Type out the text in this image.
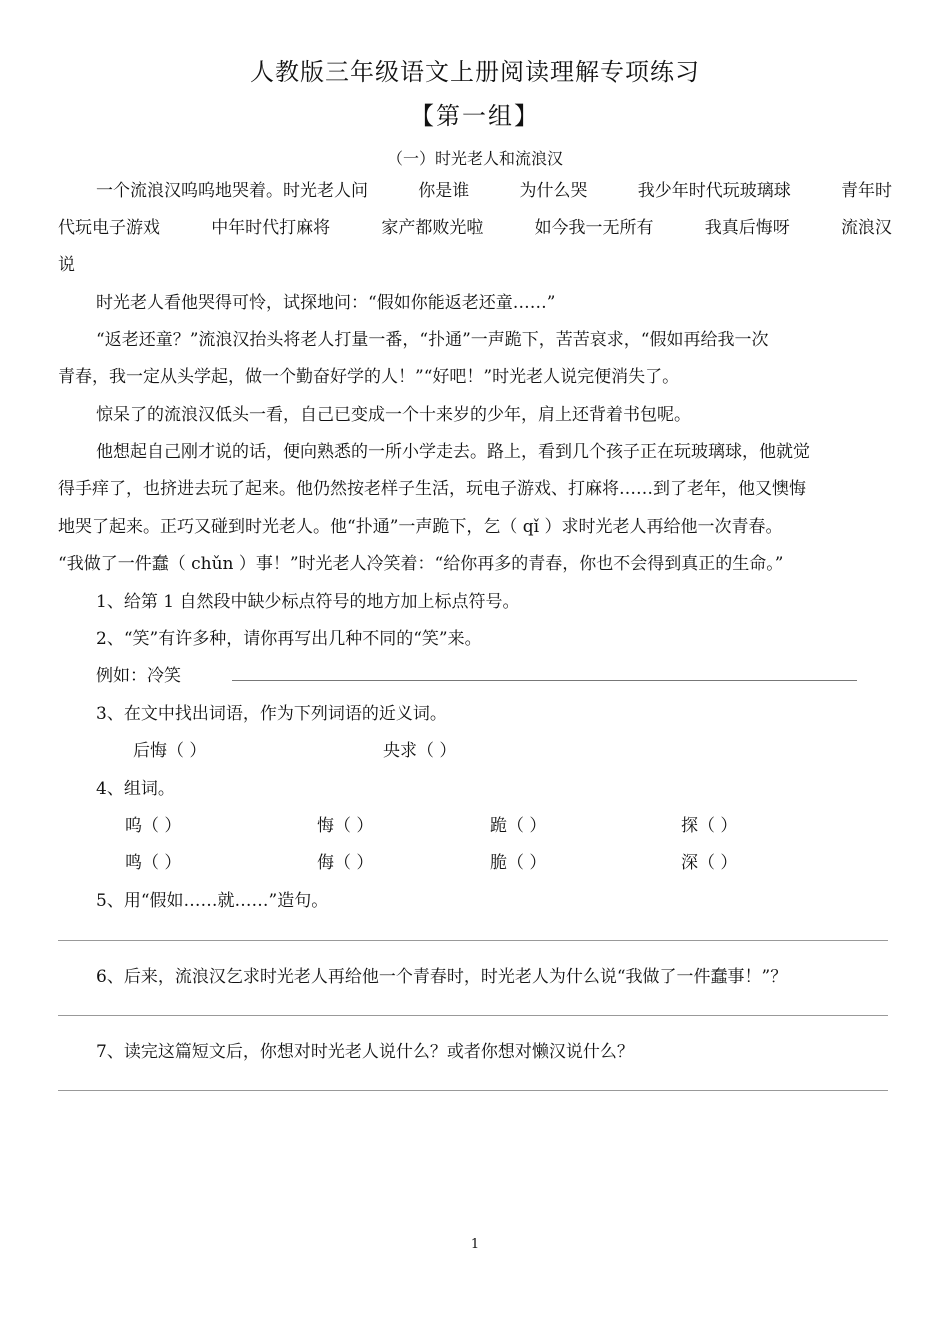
人教版三年级语文上册阅读理解专项练习
【第一组】
（一）时光老人和流浪汉
一个流浪汉呜呜地哭着。时光老人问	你是谁	为什么哭	我少年时代玩玻璃球	青年时
代玩电子游戏	中年时代打麻将	家产都败光啦	如今我一无所有	我真后悔呀	流浪汉
说
时光老人看他哭得可怜，试探地问：“假如你能返老还童……”
“返老还童？”流浪汉抬头将老人打量一番，“扑通”一声跪下，苦苦哀求，“假如再给我一次
青春，我一定从头学起，做一个勤奋好学的人！”“好吧！”时光老人说完便消失了。
惊呆了的流浪汉低头一看，自己已变成一个十来岁的少年，肩上还背着书包呢。
他想起自己刚才说的话，便向熟悉的一所小学走去。路上，看到几个孩子正在玩玻璃球，他就觉
得手痒了，也挤进去玩了起来。他仍然按老样子生活，玩电子游戏、打麻将……到了老年，他又懊悔
地哭了起来。正巧又碰到时光老人。他“扑通”一声跪下，乞（ qǐ ）求时光老人再给他一次青春。
“我做了一件蠢（ chǔn ）事！”时光老人冷笑着：“给你再多的青春，你也不会得到真正的生命。”
1、给第 1 自然段中缺少标点符号的地方加上标点符号。
2、“笑”有许多种，请你再写出几种不同的“笑”来。
例如：冷笑
3、在文中找出词语，作为下列词语的近义词。
后悔（ ）	央求（ ）
4、组词。
呜（ ）	悔（ ）	跪（ ）	探（ ）
鸣（ ）	侮（ ）	脆（ ）	深（ ）
5、用“假如……就……”造句。
6、后来，流浪汉乞求时光老人再给他一个青春时，时光老人为什么说“我做了一件蠢事！”？
7、读完这篇短文后，你想对时光老人说什么？或者你想对懒汉说什么？
1
